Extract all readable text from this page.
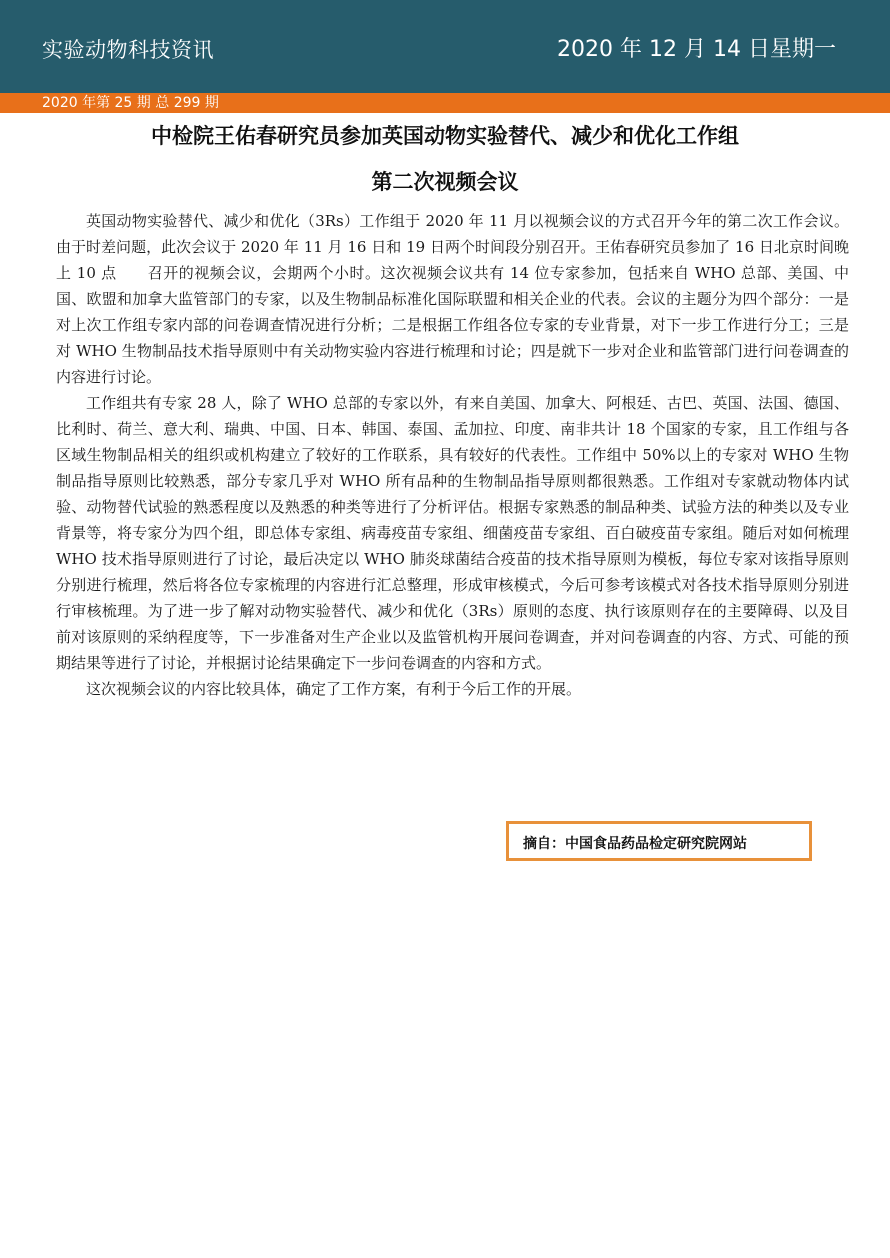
实验动物科技资讯	2020 年 12 月 14 日星期一
2020 年第 25 期 总 299 期
中检院王佑春研究员参加英国动物实验替代、减少和优化工作组
第二次视频会议

英国动物实验替代、减少和优化（3Rs）工作组于 2020 年 11 月以视频会议的方式召开今年的第二次工作会议。由于时差问题，此次会议于 2020 年 11 月 16 日和 19 日两个时间段分别召开。王佑春研究员参加了 16 日北京时间晚上 10 点　　召开的视频会议，会期两个小时。这次视频会议共有 14 位专家参加，包括来自 WHO 总部、美国、中国、欧盟和加拿大监管部门的专家，以及生物制品标准化国际联盟和相关企业的代表。会议的主题分为四个部分：一是对上次工作组专家内部的问卷调查情况进行分析；二是根据工作组各位专家的专业背景，对下一步工作进行分工；三是对 WHO 生物制品技术指导原则中有关动物实验内容进行梳理和讨论；四是就下一步对企业和监管部门进行问卷调查的内容进行讨论。

工作组共有专家 28 人，除了 WHO 总部的专家以外，有来自美国、加拿大、阿根廷、古巴、英国、法国、德国、比利时、荷兰、意大利、瑞典、中国、日本、韩国、泰国、孟加拉、印度、南非共计 18 个国家的专家，且工作组与各区域生物制品相关的组织或机构建立了较好的工作联系，具有较好的代表性。工作组中 50%以上的专家对 WHO 生物制品指导原则比较熟悉，部分专家几乎对 WHO 所有品种的生物制品指导原则都很熟悉。工作组对专家就动物体内试验、动物替代试验的熟悉程度以及熟悉的种类等进行了分析评估。根据专家熟悉的制品种类、试验方法的种类以及专业背景等，将专家分为四个组，即总体专家组、病毒疫苗专家组、细菌疫苗专家组、百白破疫苗专家组。随后对如何梳理 WHO 技术指导原则进行了讨论，最后决定以 WHO 肺炎球菌结合疫苗的技术指导原则为模板，每位专家对该指导原则分别进行梳理，然后将各位专家梳理的内容进行汇总整理，形成审核模式，今后可参考该模式对各技术指导原则分别进行审核梳理。为了进一步了解对动物实验替代、减少和优化（3Rs）原则的态度、执行该原则存在的主要障碍、以及目前对该原则的采纳程度等，下一步准备对生产企业以及监管机构开展问卷调查，并对问卷调查的内容、方式、可能的预期结果等进行了讨论，并根据讨论结果确定下一步问卷调查的内容和方式。

这次视频会议的内容比较具体，确定了工作方案，有利于今后工作的开展。

摘自：中国食品药品检定研究院网站
